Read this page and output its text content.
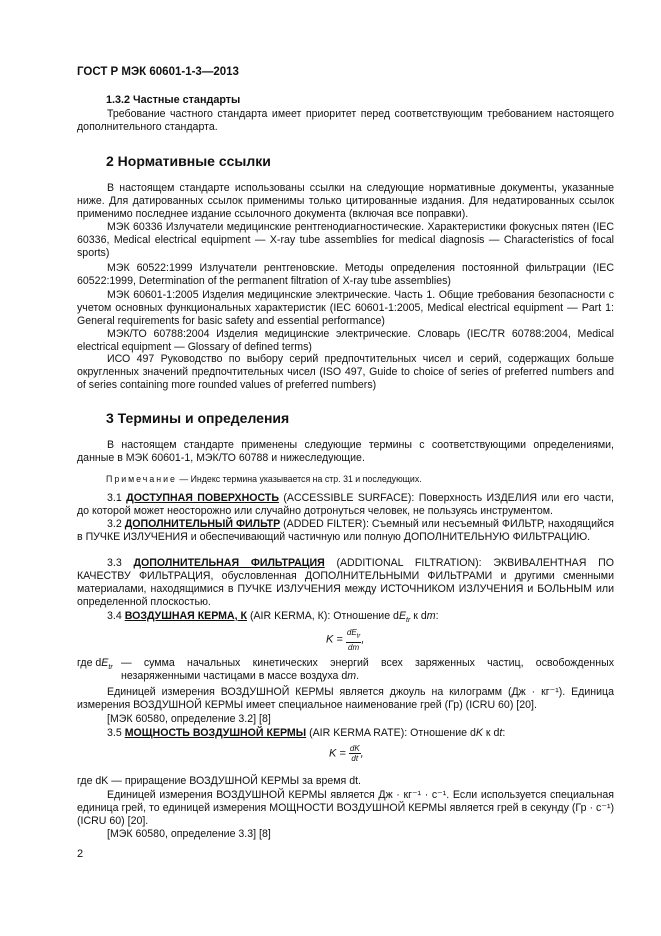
ГОСТ Р МЭК 60601-1-3—2013
1.3.2 Частные стандарты

Требование частного стандарта имеет приоритет перед соответствующим требованием настоящего дополнительного стандарта.

2 Нормативные ссылки

В настоящем стандарте использованы ссылки на следующие нормативные документы, указанные ниже. Для датированных ссылок применимы только цитированные издания. Для недатированных ссылок применимо последнее издание ссылочного документа (включая все поправки).

МЭК 60336 Излучатели медицинские рентгенодиагностические. Характеристики фокусных пятен (IEC 60336, Medical electrical equipment — X-ray tube assemblies for medical diagnosis — Characteristics of focal sports)

МЭК 60522:1999 Излучатели рентгеновские. Методы определения постоянной фильтрации (IEC 60522:1999, Determination of the permanent filtration of X-ray tube assemblies)

МЭК 60601-1:2005 Изделия медицинские электрические. Часть 1. Общие требования безопасности с учетом основных функциональных характеристик (IEC 60601-1:2005, Medical electrical equipment — Part 1: General requirements for basic safety and essential performance)

МЭК/ТО 60788:2004 Изделия медицинские электрические. Словарь (IEC/TR 60788:2004, Medical electrical equipment — Glossary of defined terms)

ИСО 497 Руководство по выбору серий предпочтительных чисел и серий, содержащих больше округленных значений предпочтительных чисел (ISO 497, Guide to choice of series of preferred numbers and of series containing more rounded values of preferred numbers)

3 Термины и определения

В настоящем стандарте применены следующие термины с соответствующими определениями, данные в МЭК 60601-1, МЭК/ТО 60788 и нижеследующие.

Примечание — Индекс термина указывается на стр. 31 и последующих.

3.1 ДОСТУПНАЯ ПОВЕРХНОСТЬ (ACCESSIBLE SURFACE): Поверхность ИЗДЕЛИЯ или его части, до которой может неосторожно или случайно дотронуться человек, не пользуясь инструментом.

3.2 ДОПОЛНИТЕЛЬНЫЙ ФИЛЬТР (ADDED FILTER): Съемный или несъемный ФИЛЬТР, находящийся в ПУЧКЕ ИЗЛУЧЕНИЯ и обеспечивающий частичную или полную ДОПОЛНИТЕЛЬНУЮ ФИЛЬТРАЦИЮ.

3.3 ДОПОЛНИТЕЛЬНАЯ ФИЛЬТРАЦИЯ (ADDITIONAL FILTRATION): ЭКВИВАЛЕНТНАЯ ПО КАЧЕСТВУ ФИЛЬТРАЦИЯ, обусловленная ДОПОЛНИТЕЛЬНЫМИ ФИЛЬТРАМИ и другими сменными материалами, находящимися в ПУЧКЕ ИЗЛУЧЕНИЯ между ИСТОЧНИКОМ ИЗЛУЧЕНИЯ и БОЛЬНЫМ или определенной плоскостью.

3.4 ВОЗДУШНАЯ КЕРМА, К (AIR KERMA, К): Отношение $dE_{tr}$ к dm:

$K = \frac{dE_{tr}}{dm}$ ,
где $dE_{tr}$ — сумма начальных кинетических энергий всех заряженных частиц, освобожденных незаряженными частицами в массе воздуха dm.

Единицей измерения ВОЗДУШНОЙ КЕРМЫ является джоуль на килограмм (Дж · кг⁻¹). Единица измерения ВОЗДУШНОЙ КЕРМЫ имеет специальное наименование грей (Гр) (ICRU 60) [20].

[МЭК 60580, определение 3.2] [8]

3.5 МОЩНОСТЬ ВОЗДУШНОЙ КЕРМЫ (AIR KERMA RATE): Отношение dK к dt:

$K = \frac{dK}{dt}$ ,

где dK — приращение ВОЗДУШНОЙ КЕРМЫ за время dt.

Единицей измерения ВОЗДУШНОЙ КЕРМЫ является Дж · кг⁻¹ · с⁻¹. Если используется специальная единица грей, то единицей измерения МОЩНОСТИ ВОЗДУШНОЙ КЕРМЫ является грей в секунду (Гр · с⁻¹) (ICRU 60) [20].

[МЭК 60580, определение 3.3] [8]

2
